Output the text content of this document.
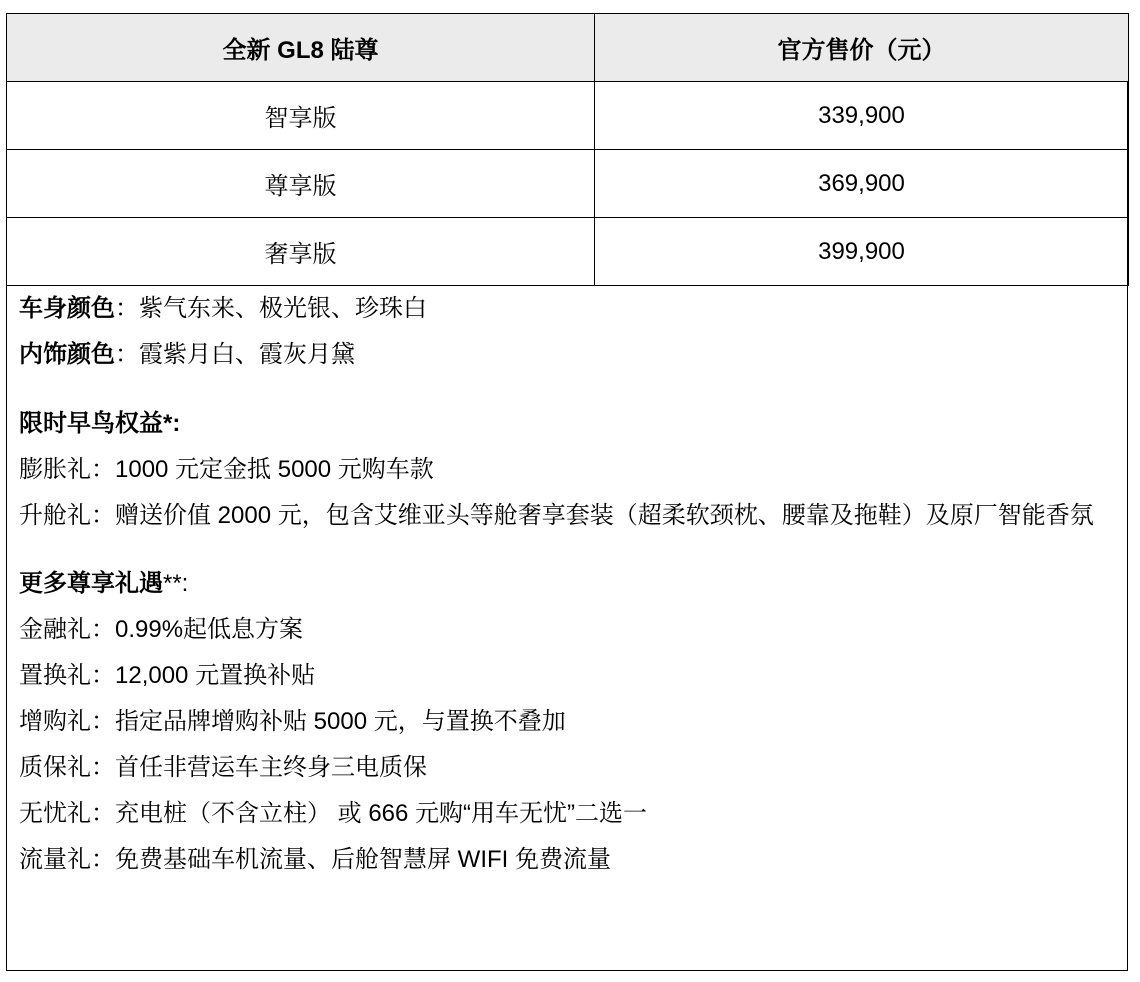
全新 GL8 陆尊	官方售价（元）
智享版	339,900
尊享版	369,900
奢享版	399,900

车身颜色：紫气东来、极光银、珍珠白

内饰颜色：霞紫月白、霞灰月黛

限时早鸟权益*:

膨胀礼：1000 元定金抵 5000 元购车款

升舱礼：赠送价值 2000 元，包含艾维亚头等舱奢享套装（超柔软颈枕、腰靠及拖鞋）及原厂智能香氛

更多尊享礼遇**:

金融礼：0.99%起低息方案

置换礼：12,000 元置换补贴

增购礼：指定品牌增购补贴 5000 元，与置换不叠加

质保礼：首任非营运车主终身三电质保

无忧礼：充电桩（不含立柱） 或 666 元购“用车无忧”二选一

流量礼：免费基础车机流量、后舱智慧屏 WIFI 免费流量
